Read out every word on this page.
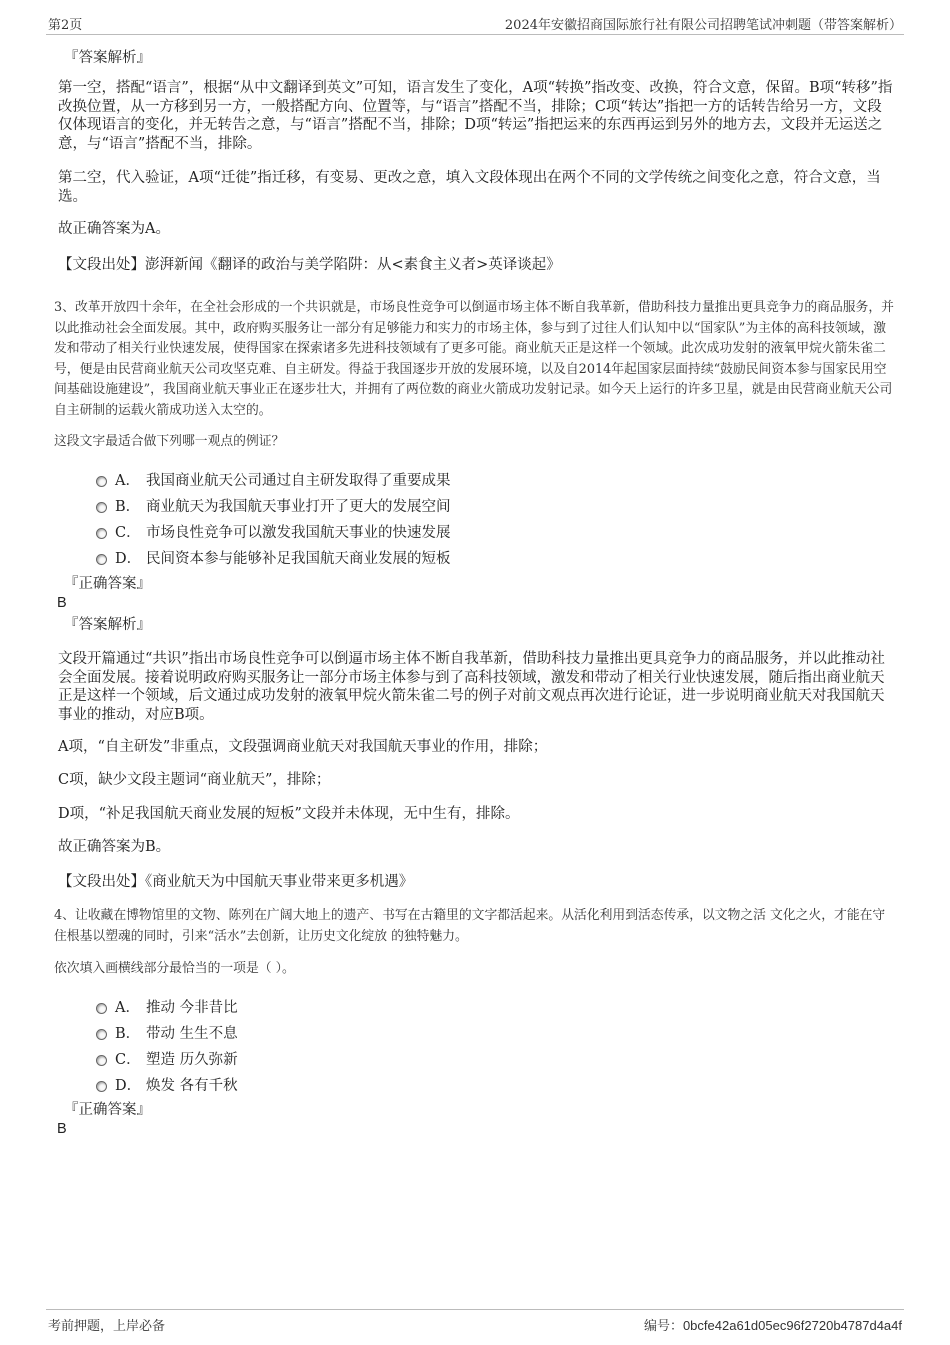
第2页	2024年安徽招商国际旅行社有限公司招聘笔试冲刺题（带答案解析）
『答案解析』

第一空，搭配“语言”，根据“从中文翻译到英文”可知，语言发生了变化，A项“转换”指改变、改换，符合文意，保留。B项“转移”指改换位置，从一方移到另一方，一般搭配方向、位置等，与“语言”搭配不当，排除；C项“转达”指把一方的话转告给另一方，文段仅体现语言的变化，并无转告之意，与“语言”搭配不当，排除；D项“转运”指把运来的东西再运到另外的地方去，文段并无运送之意，与“语言”搭配不当，排除。

第二空，代入验证，A项“迁徙”指迁移，有变易、更改之意，填入文段体现出在两个不同的文学传统之间变化之意，符合文意，当选。

故正确答案为A。

【文段出处】澎湃新闻《翻译的政治与美学陷阱：从<素食主义者>英译谈起》

3、改革开放四十余年，在全社会形成的一个共识就是，市场良性竞争可以倒逼市场主体不断自我革新，借助科技力量推出更具竞争力的商品服务，并以此推动社会全面发展。其中，政府购买服务让一部分有足够能力和实力的市场主体，参与到了过往人们认知中以“国家队”为主体的高科技领域，激发和带动了相关行业快速发展，使得国家在探索诸多先进科技领域有了更多可能。商业航天正是这样一个领域。此次成功发射的液氧甲烷火箭朱雀二号，便是由民营商业航天公司攻坚克难、自主研发。得益于我国逐步开放的发展环境，以及自2014年起国家层面持续“鼓励民间资本参与国家民用空间基础设施建设”，我国商业航天事业正在逐步壮大，并拥有了两位数的商业火箭成功发射记录。如今天上运行的许多卫星，就是由民营商业航天公司自主研制的运载火箭成功送入太空的。

这段文字最适合做下列哪一观点的例证？

A． 我国商业航天公司通过自主研发取得了重要成果
B． 商业航天为我国航天事业打开了更大的发展空间
C． 市场良性竞争可以激发我国航天事业的快速发展
D． 民间资本参与能够补足我国航天商业发展的短板
『正确答案』
B
『答案解析』

文段开篇通过“共识”指出市场良性竞争可以倒逼市场主体不断自我革新，借助科技力量推出更具竞争力的商品服务，并以此推动社会全面发展。接着说明政府购买服务让一部分市场主体参与到了高科技领域，激发和带动了相关行业快速发展，随后指出商业航天正是这样一个领域，后文通过成功发射的液氧甲烷火箭朱雀二号的例子对前文观点再次进行论证，进一步说明商业航天对我国航天事业的推动，对应B项。

A项，“自主研发”非重点，文段强调商业航天对我国航天事业的作用，排除；

C项，缺少文段主题词“商业航天”，排除；

D项，“补足我国航天商业发展的短板”文段并未体现，无中生有，排除。

故正确答案为B。

【文段出处】《商业航天为中国航天事业带来更多机遇》

4、让收藏在博物馆里的文物、陈列在广阔大地上的遗产、书写在古籍里的文字都活起来。从活化利用到活态传承，以文物之活 文化之火，才能在守住根基以塑魂的同时，引来“活水”去创新，让历史文化绽放 的独特魅力。

依次填入画横线部分最恰当的一项是（ ）。

A． 推动 今非昔比
B． 带动 生生不息
C． 塑造 历久弥新
D． 焕发 各有千秋
『正确答案』
B
考前押题，上岸必备	编号：0bcfe42a61d05ec96f2720b4787d4a4f
